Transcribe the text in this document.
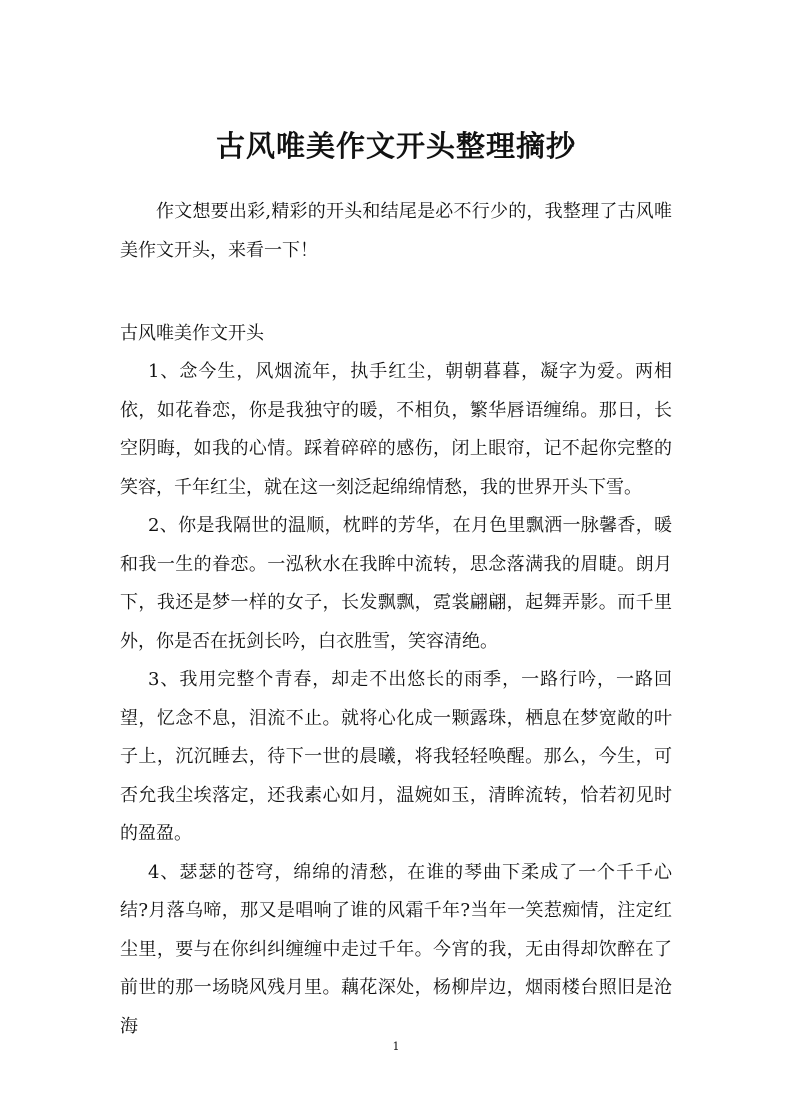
古风唯美作文开头整理摘抄

作文想要出彩,精彩的开头和结尾是必不行少的，我整理了古风唯美作文开头，来看一下！

古风唯美作文开头

1、念今生，风烟流年，执手红尘，朝朝暮暮，凝字为爱。两相依，如花眷恋，你是我独守的暖，不相负，繁华唇语缠绵。那日，长空阴晦，如我的心情。踩着碎碎的感伤，闭上眼帘，记不起你完整的笑容，千年红尘，就在这一刻泛起绵绵情愁，我的世界开头下雪。

2、你是我隔世的温顺，枕畔的芳华，在月色里飘洒一脉馨香，暖和我一生的眷恋。一泓秋水在我眸中流转，思念落满我的眉睫。朗月下，我还是梦一样的女子，长发飘飘，霓裳翩翩，起舞弄影。而千里外，你是否在抚剑长吟，白衣胜雪，笑容清绝。

3、我用完整个青春，却走不出悠长的雨季，一路行吟，一路回望，忆念不息，泪流不止。就将心化成一颗露珠，栖息在梦宽敞的叶子上，沉沉睡去，待下一世的晨曦，将我轻轻唤醒。那么，今生，可否允我尘埃落定，还我素心如月，温婉如玉，清眸流转，恰若初见时的盈盈。

4、瑟瑟的苍穹，绵绵的清愁，在谁的琴曲下柔成了一个千千心结?月落乌啼，那又是唱响了谁的风霜千年?当年一笑惹痴情，注定红尘里，要与在你纠纠缠缠中走过千年。今宵的我，无由得却饮醉在了前世的那一场晓风残月里。藕花深处，杨柳岸边，烟雨楼台照旧是沧海

1
